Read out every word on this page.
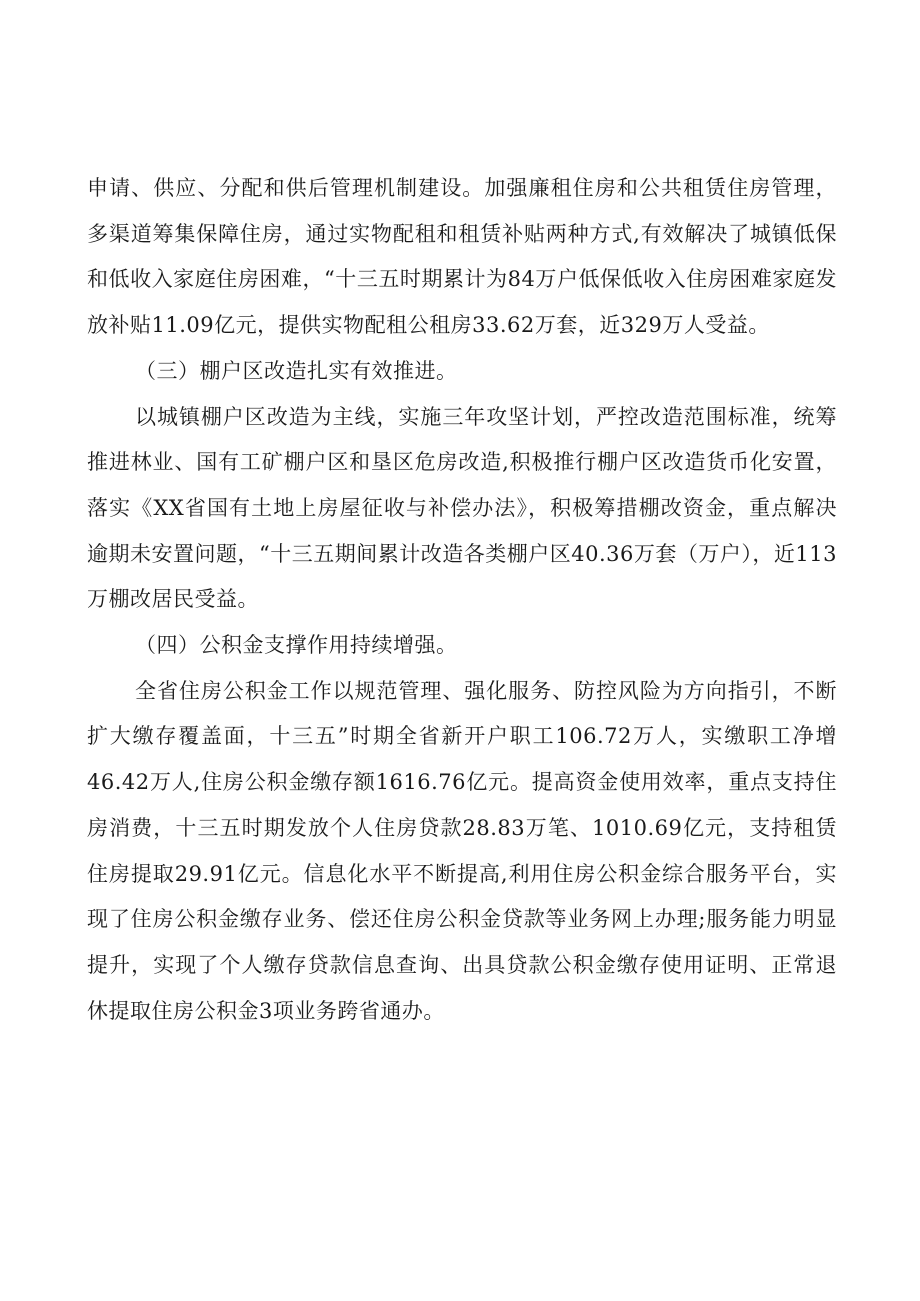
申请、供应、分配和供后管理机制建设。加强廉租住房和公共租赁住房管理，多渠道筹集保障住房，通过实物配租和租赁补贴两种方式,有效解决了城镇低保和低收入家庭住房困难，“十三五时期累计为84万户低保低收入住房困难家庭发放补贴11.09亿元，提供实物配租公租房33.62万套，近329万人受益。

（三）棚户区改造扎实有效推进。

以城镇棚户区改造为主线，实施三年攻坚计划，严控改造范围标准，统筹推进林业、国有工矿棚户区和垦区危房改造,积极推行棚户区改造货币化安置，落实《XX省国有土地上房屋征收与补偿办法》，积极筹措棚改资金，重点解决逾期未安置问题，“十三五期间累计改造各类棚户区40.36万套（万户），近113万棚改居民受益。

（四）公积金支撑作用持续增强。

全省住房公积金工作以规范管理、强化服务、防控风险为方向指引，不断扩大缴存覆盖面，十三五”时期全省新开户职工106.72万人，实缴职工净增46.42万人,住房公积金缴存额1616.76亿元。提高资金使用效率，重点支持住房消费，十三五时期发放个人住房贷款28.83万笔、1010.69亿元，支持租赁住房提取29.91亿元。信息化水平不断提高,利用住房公积金综合服务平台，实现了住房公积金缴存业务、偿还住房公积金贷款等业务网上办理;服务能力明显提升，实现了个人缴存贷款信息查询、出具贷款公积金缴存使用证明、正常退休提取住房公积金3项业务跨省通办。
